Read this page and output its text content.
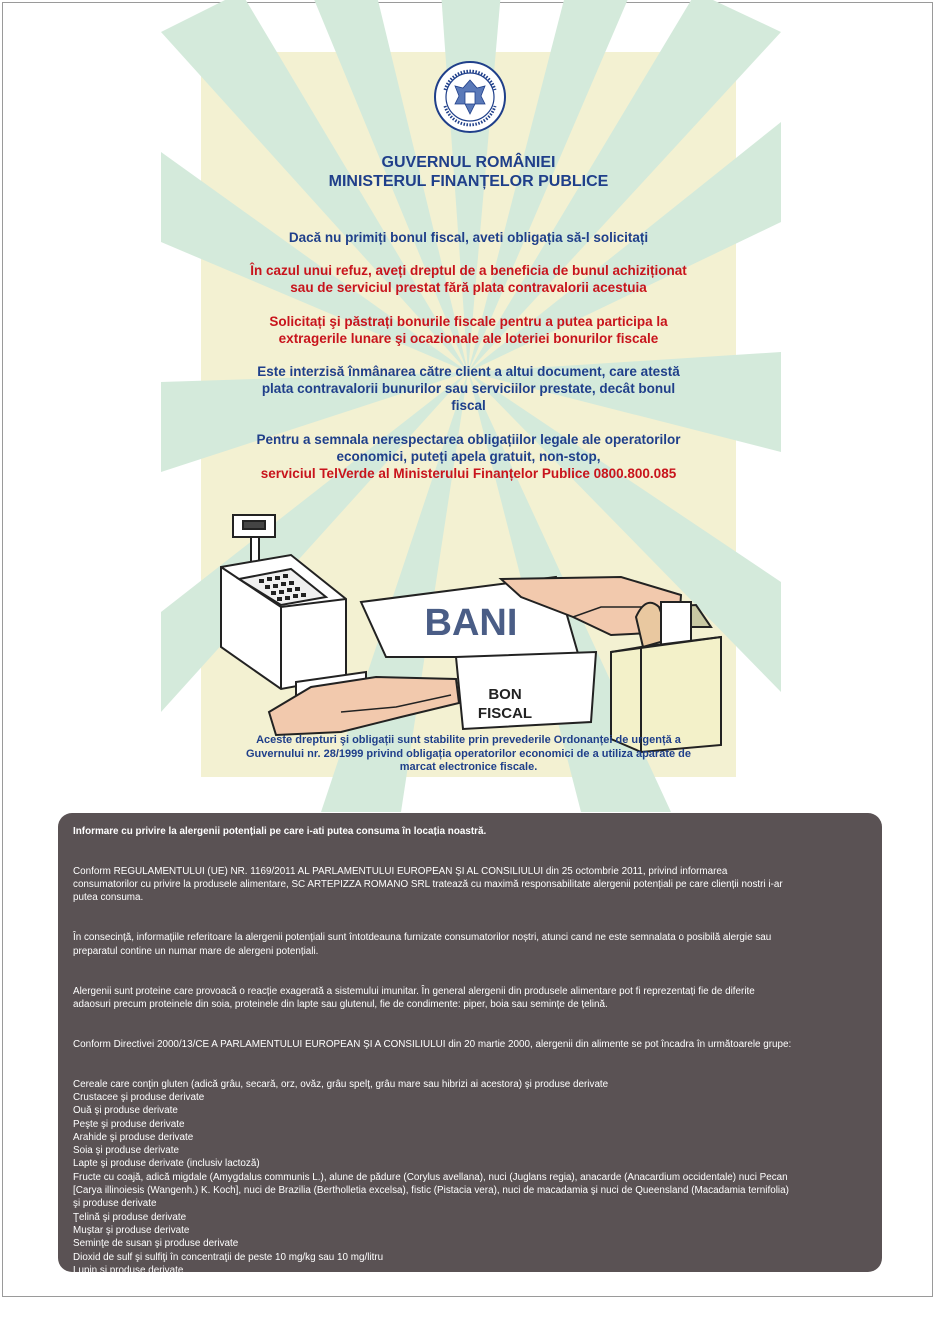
GUVERNUL ROMÂNIEI
MINISTERUL FINANȚELOR PUBLICE
Dacă nu primiți bonul fiscal, aveti obligația să-l solicitați
În cazul unui refuz, aveți dreptul de a beneficia de bunul achiziționat
sau de serviciul prestat fără plata contravalorii acestuia
Solicitați şi păstrați bonurile fiscale pentru a putea participa la
extragerile lunare şi ocazionale ale loteriei bonurilor fiscale
Este interzisă înmânarea către client a altui document, care atestă
plata contravalorii bunurilor sau serviciilor prestate, decât bonul
fiscal
Pentru a semnala nerespectarea obligațiilor legale ale operatorilor
economici, puteți apela gratuit, non-stop,
serviciul TelVerde al Ministerului Finanțelor Publice 0800.800.085
BANI
BON
FISCAL
Aceste drepturi şi obligații sunt stabilite prin prevederile Ordonanței de urgență a
Guvernului nr. 28/1999 privind obligația operatorilor economici de a utiliza aparate de
marcat electronice fiscale.
Informare cu privire la alergenii potențiali pe care i-ati putea consuma în locația noastră.
Conform REGULAMENTULUI (UE) NR. 1169/2011 AL PARLAMENTULUI EUROPEAN ŞI AL CONSILIULUI din 25 octombrie 2011, privind informarea
consumatorilor cu privire la produsele alimentare, SC ARTEPIZZA ROMANO SRL tratează cu maximă responsabilitate alergenii potențiali pe care clienții nostri i-ar
putea consuma.
În consecință, informațiile referitoare la alergenii potențiali sunt întotdeauna furnizate consumatorilor noștri, atunci cand ne este semnalata o posibilă alergie sau
preparatul contine un numar mare de alergeni potențiali.
Alergenii sunt proteine care provoacă o reacție exagerată a sistemului imunitar. În general alergenii din produsele alimentare pot fi reprezentați fie de diferite
adaosuri precum proteinele din soia, proteinele din lapte sau glutenul, fie de condimente: piper, boia sau semințe de țelină.
Conform Directivei 2000/13/CE A PARLAMENTULUI EUROPEAN ŞI A CONSILIULUI din 20 martie 2000, alergenii din alimente se pot încadra în următoarele grupe:
Cereale care conţin gluten (adică grâu, secară, orz, ovăz, grâu spelţ, grâu mare sau hibrizi ai acestora) şi produse derivate
Crustacee şi produse derivate
Ouă şi produse derivate
Peşte şi produse derivate
Arahide şi produse derivate
Soia şi produse derivate
Lapte şi produse derivate (inclusiv lactoză)
Fructe cu coajă, adică migdale (Amygdalus communis L.), alune de pădure (Corylus avellana), nuci (Juglans regia), anacarde (Anacardium occidentale) nuci Pecan
[Carya illinoiesis (Wangenh.) K. Koch], nuci de Brazilia (Bertholletia excelsa), fistic (Pistacia vera), nuci de macadamia şi nuci de Queensland (Macadamia ternifolia)
şi produse derivate
Ţelină şi produse derivate
Muştar şi produse derivate
Seminţe de susan şi produse derivate
Dioxid de sulf şi sulfiţi în concentraţii de peste 10 mg/kg sau 10 mg/litru
Lupin şi produse derivate
Moluşte şi produse derivate
În cazul în care suferiţi de o alergie, vă rugăm să solicitaţi informaţii suplimentare înainte de efectuarea comenzii. Vă mulţumim pentru înţelegere!
